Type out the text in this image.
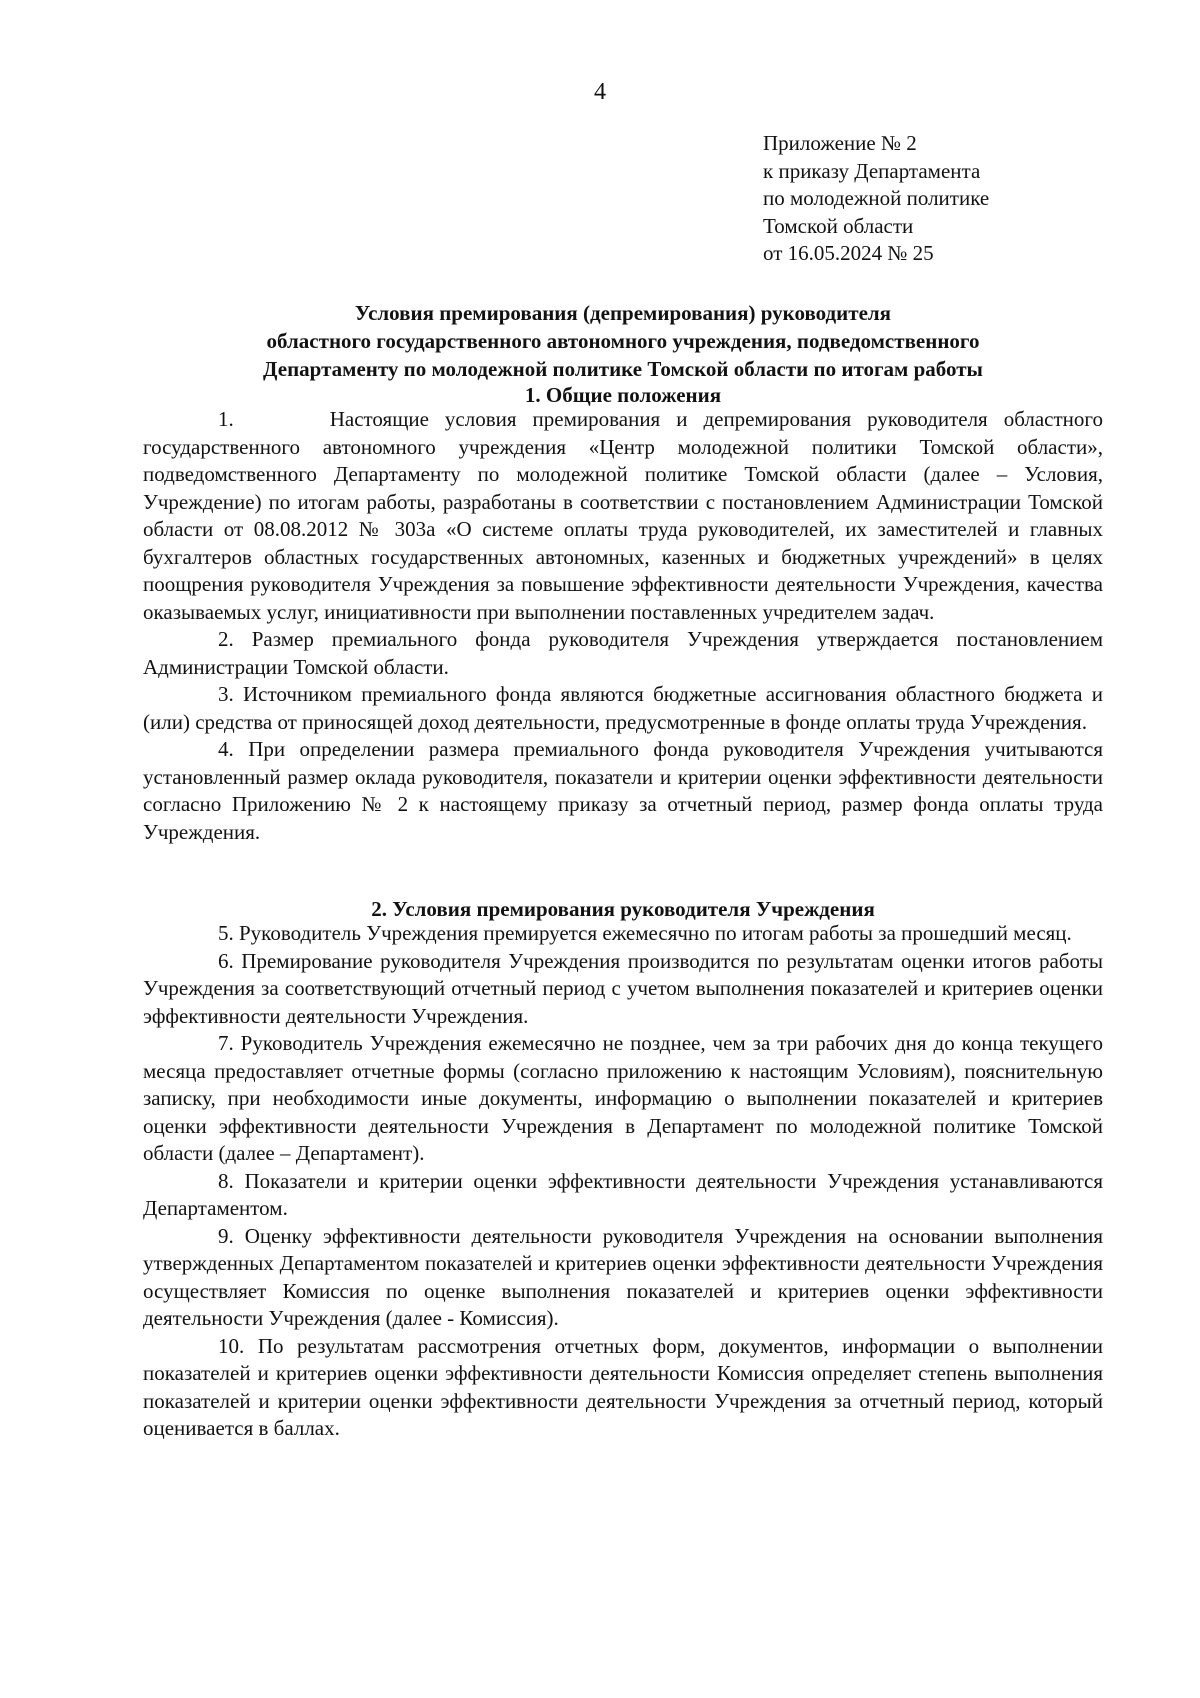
4
Приложение № 2
к приказу Департамента
по молодежной политике
Томской области
от 16.05.2024 № 25
Условия премирования (депремирования) руководителя
областного государственного автономного учреждения, подведомственного
Департаменту по молодежной политике Томской области по итогам работы
1. Общие положения

1.      Настоящие условия премирования и депремирования руководителя областного государственного автономного учреждения «Центр молодежной политики Томской области», подведомственного Департаменту по молодежной политике Томской области (далее – Условия, Учреждение) по итогам работы, разработаны в соответствии с постановлением Администрации Томской области от 08.08.2012 № 303а «О системе оплаты труда руководителей, их заместителей и главных бухгалтеров областных государственных автономных, казенных и бюджетных учреждений» в целях поощрения руководителя Учреждения за повышение эффективности деятельности Учреждения, качества оказываемых услуг, инициативности при выполнении поставленных учредителем задач.

2. Размер премиального фонда руководителя Учреждения утверждается постановлением Администрации Томской области.

3. Источником премиального фонда являются бюджетные ассигнования областного бюджета и (или) средства от приносящей доход деятельности, предусмотренные в фонде оплаты труда Учреждения.

4. При определении размера премиального фонда руководителя Учреждения учитываются установленный размер оклада руководителя, показатели и критерии оценки эффективности деятельности согласно Приложению № 2 к настоящему приказу за отчетный период, размер фонда оплаты труда Учреждения.

2. Условия премирования руководителя Учреждения

5. Руководитель Учреждения премируется ежемесячно по итогам работы за прошедший месяц.

6. Премирование руководителя Учреждения производится по результатам оценки итогов работы Учреждения за соответствующий отчетный период с учетом выполнения показателей и критериев оценки эффективности деятельности Учреждения.

7. Руководитель Учреждения ежемесячно не позднее, чем за три рабочих дня до конца текущего месяца предоставляет отчетные формы (согласно приложению к настоящим Условиям), пояснительную записку, при необходимости иные документы, информацию о выполнении показателей и критериев оценки эффективности деятельности Учреждения в Департамент по молодежной политике Томской области (далее – Департамент).

8. Показатели и критерии оценки эффективности деятельности Учреждения устанавливаются Департаментом.

9. Оценку эффективности деятельности руководителя Учреждения на основании выполнения утвержденных Департаментом показателей и критериев оценки эффективности деятельности Учреждения осуществляет Комиссия по оценке выполнения показателей и критериев оценки эффективности деятельности Учреждения (далее - Комиссия).

10. По результатам рассмотрения отчетных форм, документов, информации о выполнении показателей и критериев оценки эффективности деятельности Комиссия определяет степень выполнения показателей и критерии оценки эффективности деятельности Учреждения за отчетный период, который оценивается в баллах.
